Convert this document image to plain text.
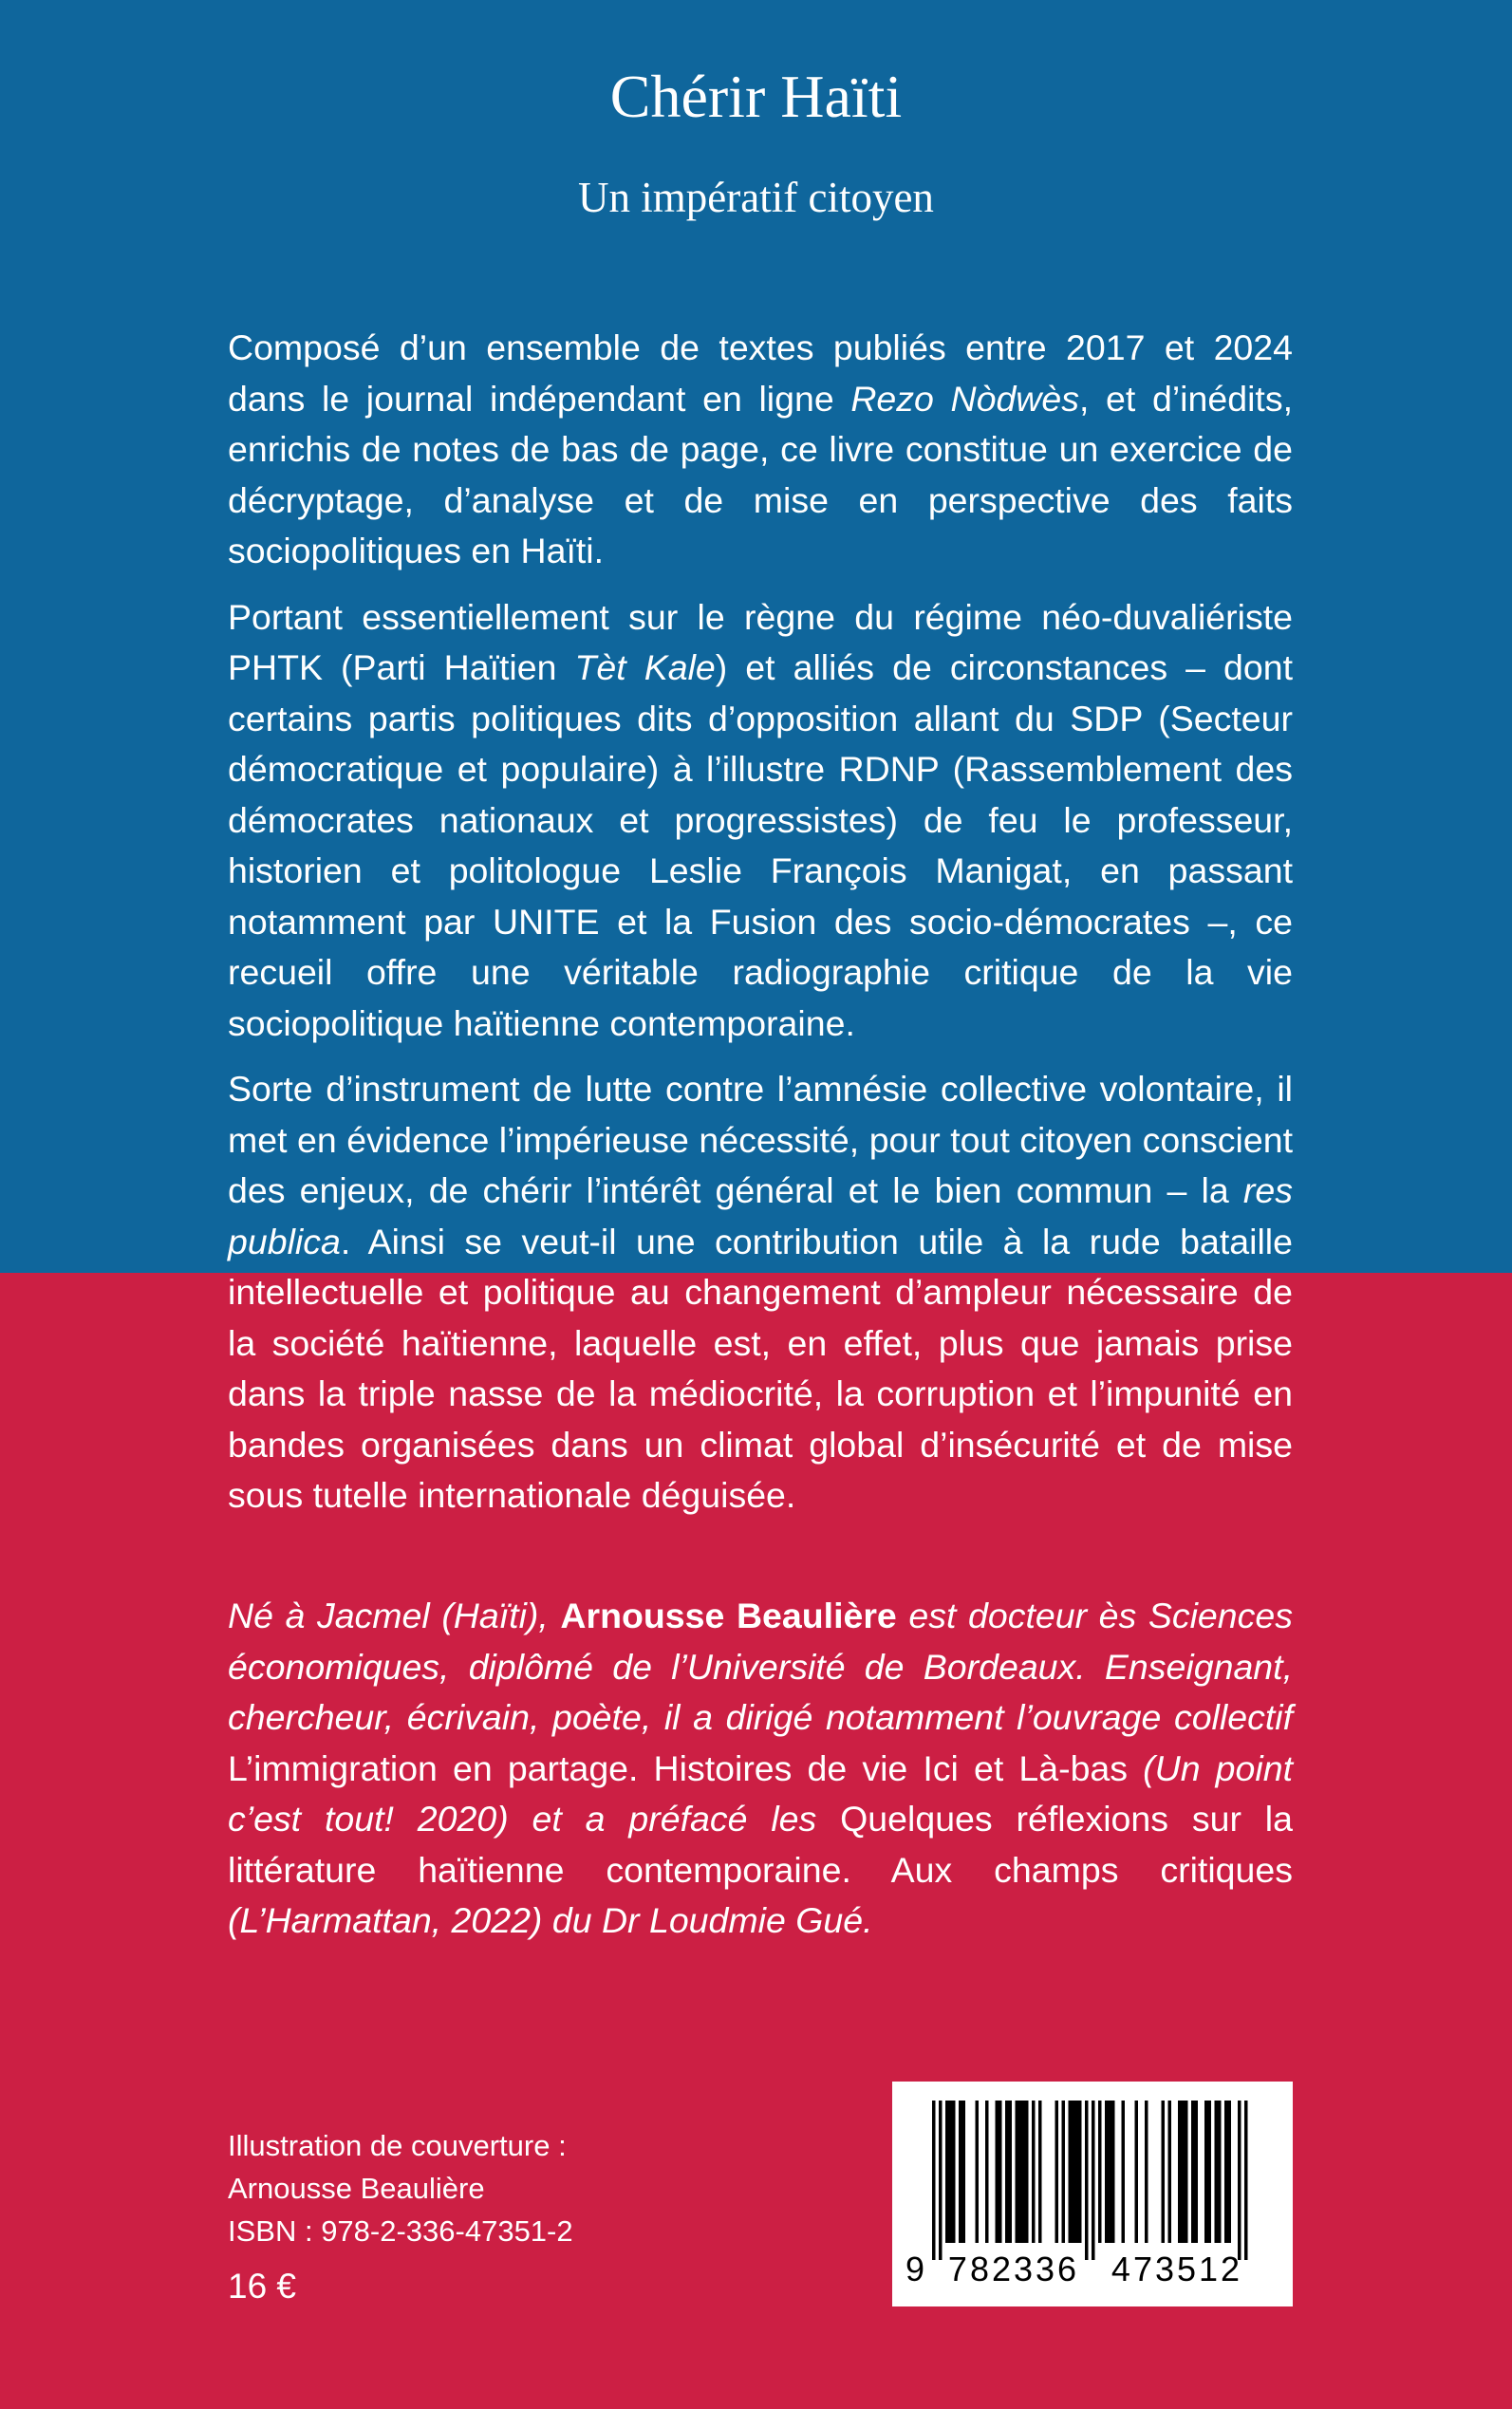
Chérir Haïti
Un impératif citoyen

Composé d’un ensemble de textes publiés entre 2017 et 2024 dans le journal indépendant en ligne Rezo Nòdwès, et d’inédits, enrichis de notes de bas de page, ce livre constitue un exercice de décryptage, d’analyse et de mise en perspective des faits sociopolitiques en Haïti.

Portant essentiellement sur le règne du régime néo-duvaliériste PHTK (Parti Haïtien Tèt Kale) et alliés de circonstances – dont certains partis politiques dits d’opposition allant du SDP (Secteur démocratique et populaire) à l’illustre RDNP (Rassemblement des démocrates nationaux et progressistes) de feu le professeur, historien et politologue Leslie François Manigat, en passant notamment par UNITE et la Fusion des socio-démocrates –, ce recueil offre une véritable radiographie critique de la vie sociopolitique haïtienne contemporaine.

Sorte d’instrument de lutte contre l’amnésie collective volontaire, il met en évidence l’impérieuse nécessité, pour tout citoyen conscient des enjeux, de chérir l’intérêt général et le bien commun – la res publica. Ainsi se veut-il une contribution utile à la rude bataille intellectuelle et politique au changement d’ampleur nécessaire de la société haïtienne, laquelle est, en effet, plus que jamais prise dans la triple nasse de la médiocrité, la corruption et l’impunité en bandes organisées dans un climat global d’insécurité et de mise sous tutelle internationale déguisée.

Né à Jacmel (Haïti), Arnousse Beaulière est docteur ès Sciences économiques, diplômé de l’Université de Bordeaux. Enseignant, chercheur, écrivain, poète, il a dirigé notamment l’ouvrage collectif L’immigration en partage. Histoires de vie Ici et Là-bas (Un point c’est tout! 2020) et a préfacé les Quelques réflexions sur la littérature haïtienne contemporaine. Aux champs critiques (L’Harmattan, 2022) du Dr Loudmie Gué.

Illustration de couverture :
Arnousse Beaulière
ISBN : 978-2-336-47351-2
16 €	9 782336 473512
